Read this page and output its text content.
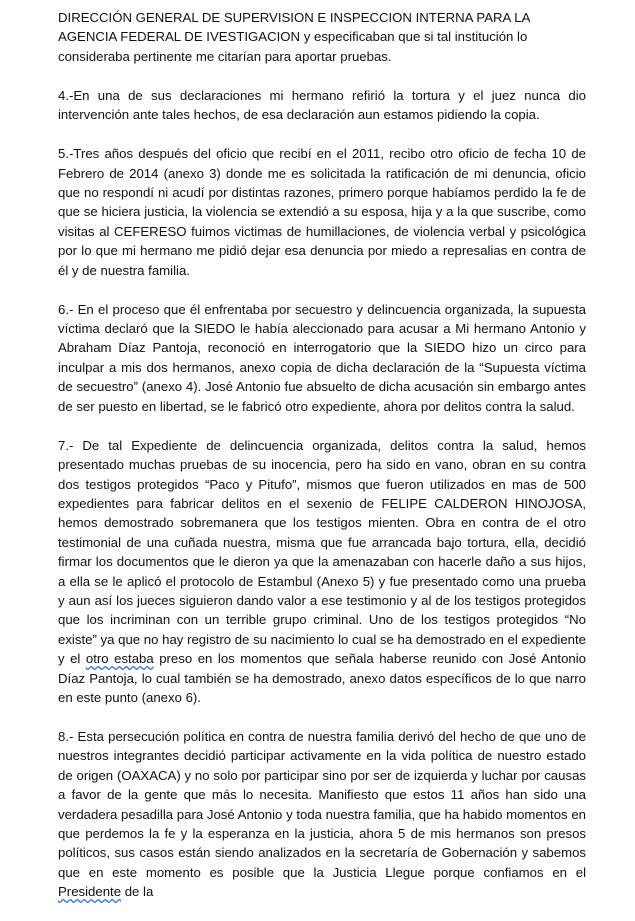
DIRECCIÓN GENERAL DE SUPERVISION E INSPECCION INTERNA PARA LA AGENCIA FEDERAL DE IVESTIGACION y especificaban que si tal institución lo consideraba pertinente me citarían para aportar pruebas.

4.-En una de sus declaraciones mi hermano refirió la tortura y el juez nunca dio intervención ante tales hechos, de esa declaración aun estamos pidiendo la copia.

5.-Tres años después del oficio que recibí en el 2011, recibo otro oficio de fecha 10 de Febrero de 2014 (anexo 3) donde me es solicitada la ratificación de mi denuncia, oficio que no respondí ni acudí por distintas razones, primero porque habíamos perdido la fe de que se hiciera justicia, la violencia se extendió a su esposa, hija y a la que suscribe, como visitas al CEFERESO fuimos victimas de humillaciones, de violencia verbal y psicológica por lo que mi hermano me pidió dejar esa denuncia por miedo a represalias en contra de él y de nuestra familia.

6.- En el proceso que él enfrentaba por secuestro y delincuencia organizada, la supuesta víctima declaró que la SIEDO le había aleccionado para acusar a Mi hermano Antonio y Abraham Díaz Pantoja, reconoció en interrogatorio que la SIEDO hizo un circo para inculpar a mis dos hermanos, anexo copia de dicha declaración de la “Supuesta víctima de secuestro” (anexo 4). José Antonio fue absuelto de dicha acusación sin embargo antes de ser puesto en libertad, se le fabricó otro expediente, ahora por delitos contra la salud.

7.- De tal Expediente de delincuencia organizada, delitos contra la salud, hemos presentado muchas pruebas de su inocencia, pero ha sido en vano, obran en su contra dos testigos protegidos “Paco y Pitufo”, mismos que fueron utilizados en mas de 500 expedientes para fabricar delitos en el sexenio de FELIPE CALDERON HINOJOSA, hemos demostrado sobremanera que los testigos mienten. Obra en contra de el otro testimonial de una cuñada nuestra, misma que fue arrancada bajo tortura, ella, decidió firmar los documentos que le dieron ya que la amenazaban con hacerle daño a sus hijos, a ella se le aplicó el protocolo de Estambul (Anexo 5) y fue presentado como una prueba y aun así los jueces siguieron dando valor a ese testimonio y al de los testigos protegidos que los incriminan con un terrible grupo criminal. Uno de los testigos protegidos “No existe” ya que no hay registro de su nacimiento lo cual se ha demostrado en el expediente y el otro estaba preso en los momentos que señala haberse reunido con José Antonio Díaz Pantoja, lo cual también se ha demostrado, anexo datos específicos de lo que narro en este punto (anexo 6).

8.- Esta persecución política en contra de nuestra familia derivó del hecho de que uno de nuestros integrantes decidió participar activamente en la vida política de nuestro estado de origen (OAXACA) y no solo por participar sino por ser de izquierda y luchar por causas a favor de la gente que más lo necesita. Manifiesto que estos 11 años han sido una verdadera pesadilla para José Antonio y toda nuestra familia, que ha habido momentos en que perdemos la fe y la esperanza en la justicia, ahora 5 de mis hermanos son presos políticos, sus casos están siendo analizados en la secretaría de Gobernación y sabemos que en este momento es posible que la Justicia Llegue porque confiamos en el Presidente de la
